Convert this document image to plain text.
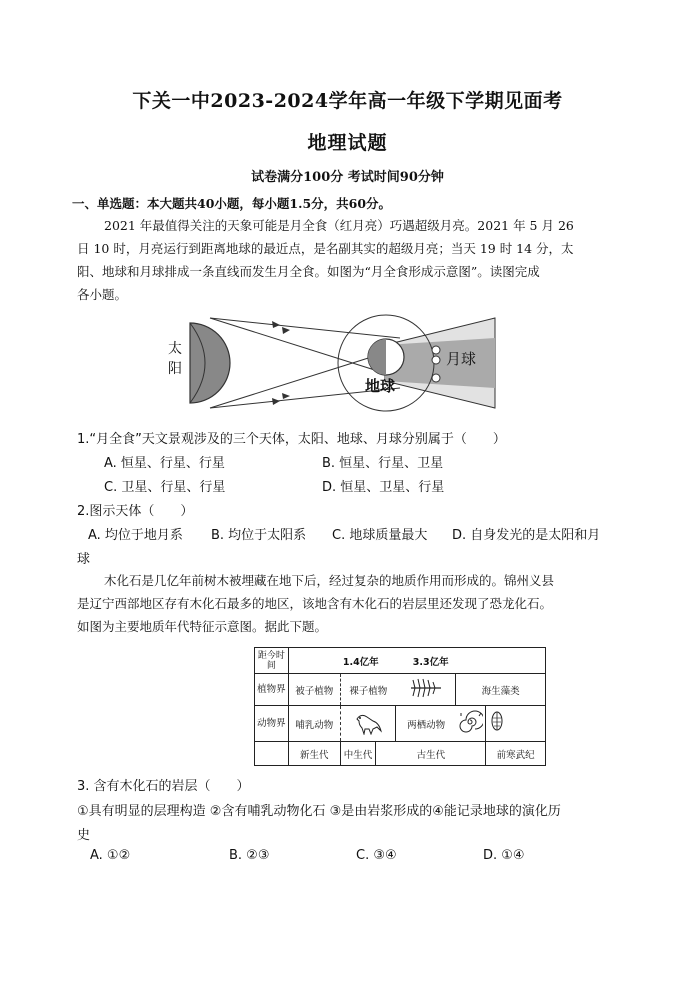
下关一中2023-2024学年高一年级下学期见面考
地理试题
试卷满分100分 考试时间90分钟
一、单选题：本大题共40小题，每小题1.5分，共60分。
2021 年最值得关注的天象可能是月全食（红月亮）巧遇超级月亮。2021 年 5 月 26
日 10 时，月亮运行到距离地球的最近点，是名副其实的超级月亮；当天 19 时 14 分，太
阳、地球和月球排成一条直线而发生月全食。如图为“月全食形成示意图”。读图完成
各小题。
太
阳
地球
月球
1.“月全食”天文景观涉及的三个天体，太阳、地球、月球分别属于（　　）
A. 恒星、行星、行星	B. 恒星、行星、卫星
C. 卫星、行星、行星	D. 恒星、卫星、行星
2.图示天体（　　）
A. 均位于地月系 B. 均位于太阳系 C. 地球质量最大 D. 自身发光的是太阳和月
球
木化石是几亿年前树木被埋藏在地下后，经过复杂的地质作用而形成的。锦州义县
是辽宁西部地区存有木化石最多的地区，该地含有木化石的岩层里还发现了恐龙化石。
如图为主要地质年代特征示意图。据此下题。
距今时间	1.4亿年 3.3亿年					
植物界	被子植物	裸子植物			海生藻类	
动物界	哺乳动物			两栖动物		
	新生代	中生代	古生代			前寒武纪
3. 含有木化石的岩层（　　）
①具有明显的层理构造 ②含有哺乳动物化石 ③是由岩浆形成的④能记录地球的演化历
史
A. ①②	B. ②③	C. ③④	D. ①④
